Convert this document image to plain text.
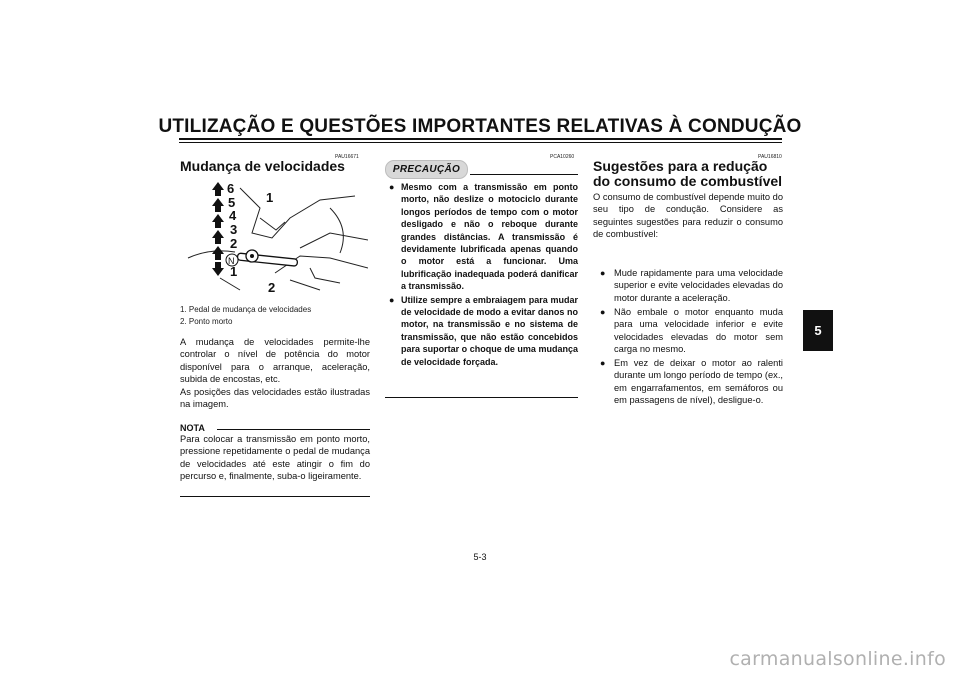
UTILIZAÇÃO E QUESTÕES IMPORTANTES RELATIVAS À CONDUÇÃO
PAU16671
Mudança de velocidades
6
5
4
3
2
N
1
1
2
1. Pedal de mudança de velocidades
2. Ponto morto

A mudança de velocidades permite-lhe controlar o nível de potência do motor disponível para o arranque, aceleração, subida de encostas, etc.

As posições das velocidades estão ilustradas na imagem.

NOTA

Para colocar a transmissão em ponto morto, pressione repetidamente o pedal de mudança de velocidades até este atingir o fim do percurso e, finalmente, suba-o ligeiramente.

PCA10260
PRECAUÇÃO
● Mesmo com a transmissão em ponto morto, não deslize o motociclo durante longos períodos de tempo com o motor desligado e não o reboque durante grandes distâncias. A transmissão é devidamente lubrificada apenas quando o motor está a funcionar. Uma lubrificação inadequada poderá danificar a transmissão.
● Utilize sempre a embraiagem para mudar de velocidade de modo a evitar danos no motor, na transmissão e no sistema de transmissão, que não estão concebidos para suportar o choque de uma mudança de velocidade forçada.
PAU16810
Sugestões para a redução do consumo de combustível

O consumo de combustível depende muito do seu tipo de condução. Considere as seguintes sugestões para reduzir o consumo de combustível:

● Mude rapidamente para uma velocidade superior e evite velocidades elevadas do motor durante a aceleração.
● Não embale o motor enquanto muda para uma velocidade inferior e evite velocidades elevadas do motor sem carga no mesmo.
● Em vez de deixar o motor ao ralenti durante um longo período de tempo (ex., em engarrafamentos, em semáforos ou em passagens de nível), desligue-o.
5
5-3
carmanualsonline.info
